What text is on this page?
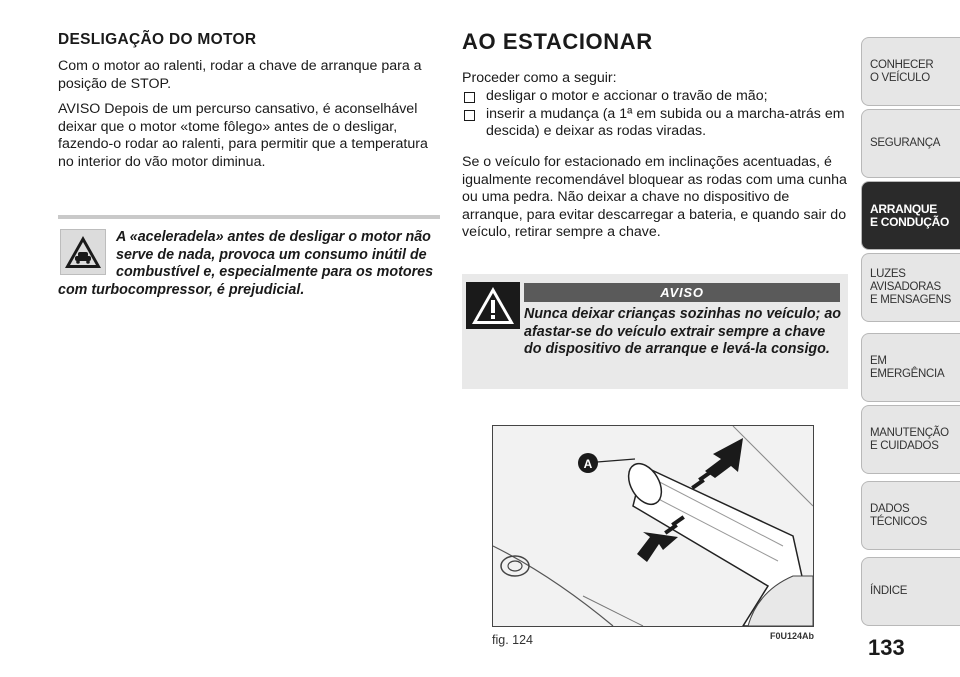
DESLIGAÇÃO DO MOTOR

Com o motor ao ralenti, rodar a chave de arranque para a posição de STOP.

AVISO Depois de um percurso cansativo, é aconselhável deixar que o motor «tome fôlego» antes de o desligar, fazendo-o rodar ao ralenti, para permitir que a temperatura no interior do vão motor diminua.

A «aceleradela» antes de desligar o motor não serve de nada, provoca um consumo inútil de combustível e, especialmente para os motores com turbocompressor, é prejudicial.

AO ESTACIONAR

Proceder como a seguir:

desligar o motor e accionar o travão de mão;
inserir a mudança (a 1ª em subida ou a marcha-atrás em descida) e deixar as rodas viradas.

Se o veículo for estacionado em inclinações acentuadas, é igualmente recomendável bloquear as rodas com uma cunha ou uma pedra. Não deixar a chave no dispositivo de arranque, para evitar descarregar a bateria, e quando sair do veículo, retirar sempre a chave.

AVISO

Nunca deixar crianças sozinhas no veículo; ao afastar-se do veículo extrair sempre a chave do dispositivo de arranque e levá-la consigo.

A
fig. 124	F0U124Ab 133
CONHECER
O VEÍCULO
SEGURANÇA
ARRANQUE
E CONDUÇÃO
LUZES
AVISADORAS
E MENSAGENS
EM EMERGÊNCIA
MANUTENÇÃO
E CUIDADOS
DADOS
TÉCNICOS
ÍNDICE
